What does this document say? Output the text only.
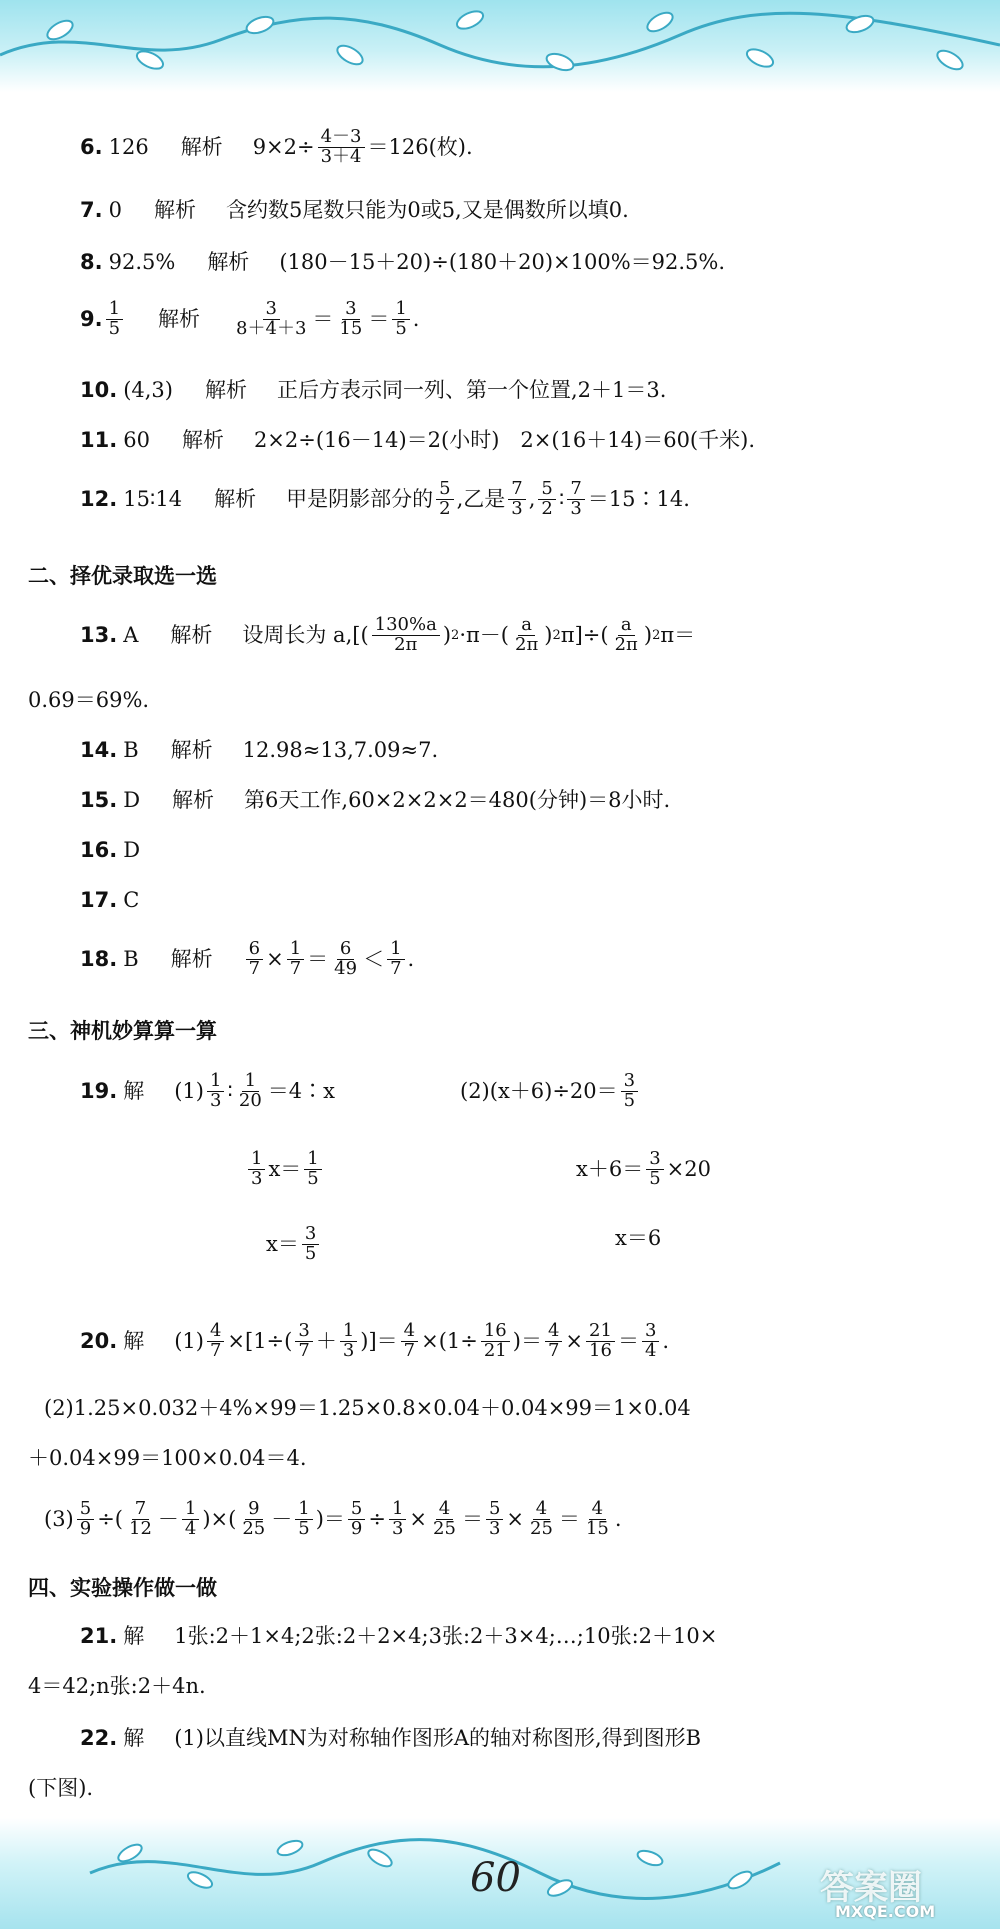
6. 126 解析 $9\times 2\div \frac{4-3}{3+4} =126$(枚).
7. 0 解析 含约数5尾数只能为0或5,又是偶数所以填0.
8. 92.5% 解析 (180－15＋20)÷(180＋20)×100%＝92.5%.
9. $\frac{1}{5}$ 解析 $\frac{3}{8+4+3} = \frac{3}{15} = \frac{1}{5}$ .
10. (4,3) 解析 正后方表示同一列、第一个位置,2＋1＝3.
11. 60 解析 2×2÷(16－14)＝2(小时)　2×(16＋14)＝60(千米).
12. 15∶14 解析 甲是阴影部分的 $\frac{5}{2}$ ,乙是 $\frac{7}{3}$ , $\frac{5}{2}$ ∶ $\frac{7}{3}$ ＝15∶14.
二、择优录取选一选
13. A 解析 设周长为 $a,[( \frac{130\%a}{2\pi}$ ) $2 \cdot\pi-( \frac{a}{2\pi}$ ) 2 $\pi]\div( \frac{a}{2\pi}$ ) 2 π＝
0.69＝69%.
14. B 解析 12.98≈13,7.09≈7.
15. D 解析 第6天工作,60×2×2×2＝480(分钟)＝8小时.
16. D
17. C
18. B 解析 $\frac{6}{7} \times \frac{1}{7} = \frac{6}{49} < \frac{1}{7}$ .
三、神机妙算算一算
19. 解 $(1) \frac{1}{3}$ ∶ $\frac{1}{20}$ ＝4∶x	$(2)(x+6)\div 20= \frac{3}{5}$
$\frac{1}{3} x= \frac{1}{5}$	$x+6= \frac{3}{5} \times 20$
$x= \frac{3}{5}$	x＝6
20. 解 $(1) \frac{4}{7} \times[1\div( \frac{3}{7} + \frac{1}{3}$ )]＝ $\frac{4}{7} \times(1\div \frac{16}{21}$ )＝ $\frac{4}{7} \times \frac{21}{16} = \frac{3}{4}$ .
(2)1.25×0.032＋4%×99＝1.25×0.8×0.04＋0.04×99＝1×0.04
＋0.04×99＝100×0.04＝4.
$(3) \frac{5}{9}$ ÷( $\frac{7}{12} - \frac{1}{4}$ )×( $\frac{9}{25} - \frac{1}{5}$ )＝ $\frac{5}{9} \div \frac{1}{3} \times \frac{4}{25} = \frac{5}{3} \times \frac{4}{25} = \frac{4}{15}$ .
四、实验操作做一做
21. 解 1张:2＋1×4;2张:2＋2×4;3张:2＋3×4;…;10张:2＋10×
4＝42;n张:2＋4n.
22. 解 (1)以直线MN为对称轴作图形A的轴对称图形,得到图形B
(下图).
60	答案圈
MXQE.COM
